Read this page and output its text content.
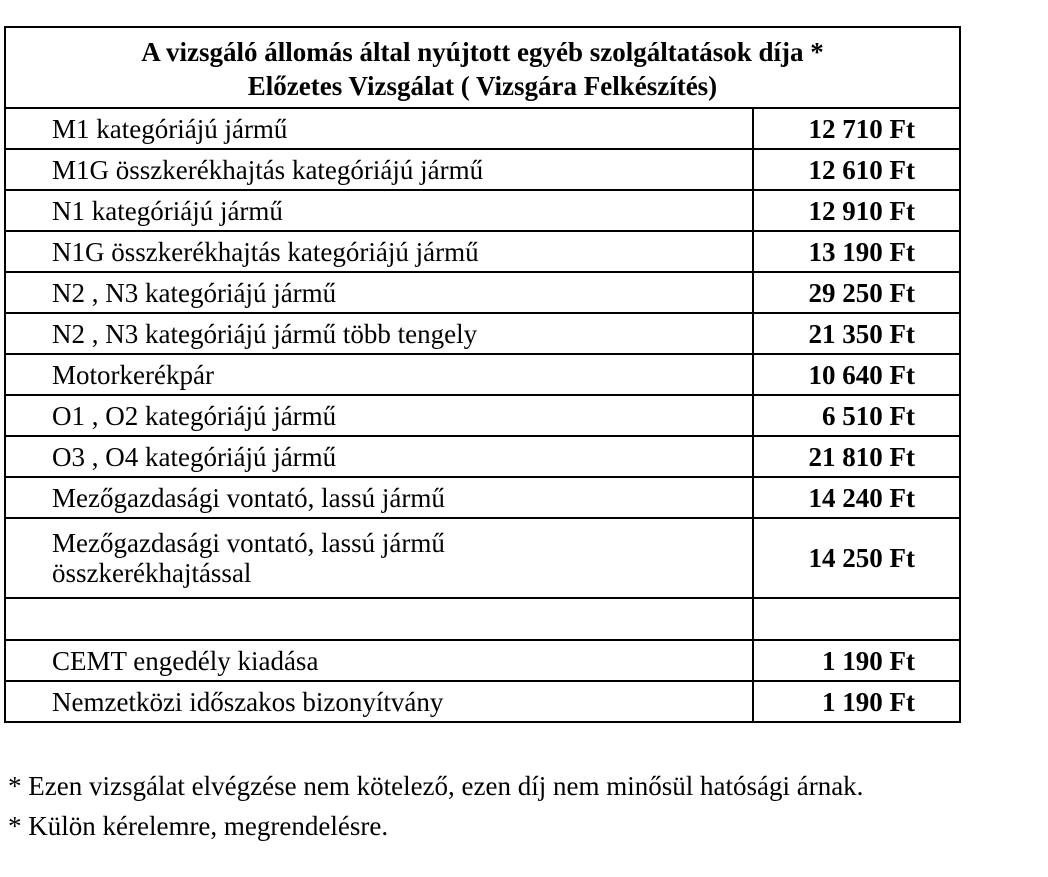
A vizsgáló állomás által nyújtott egyéb szolgáltatások díja *
Előzetes Vizsgálat ( Vizsgára Felkészítés)	
M1 kategóriájú jármű	12 710 Ft
M1G összkerékhajtás kategóriájú jármű	12 610 Ft
N1 kategóriájú jármű	12 910 Ft
N1G összkerékhajtás kategóriájú jármű	13 190 Ft
N2 , N3 kategóriájú jármű	29 250 Ft
N2 , N3 kategóriájú jármű több tengely	21 350 Ft
Motorkerékpár	10 640 Ft
O1 , O2 kategóriájú jármű	6 510 Ft
O3 , O4 kategóriájú jármű	21 810 Ft
Mezőgazdasági vontató, lassú jármű	14 240 Ft
Mezőgazdasági vontató, lassú jármű
összkerékhajtással	14 250 Ft

CEMT engedély kiadása	1 190 Ft
Nemzetközi időszakos bizonyítvány	1 190 Ft
* Ezen vizsgálat elvégzése nem kötelező, ezen díj nem minősül hatósági árnak.
* Külön kérelemre, megrendelésre.
